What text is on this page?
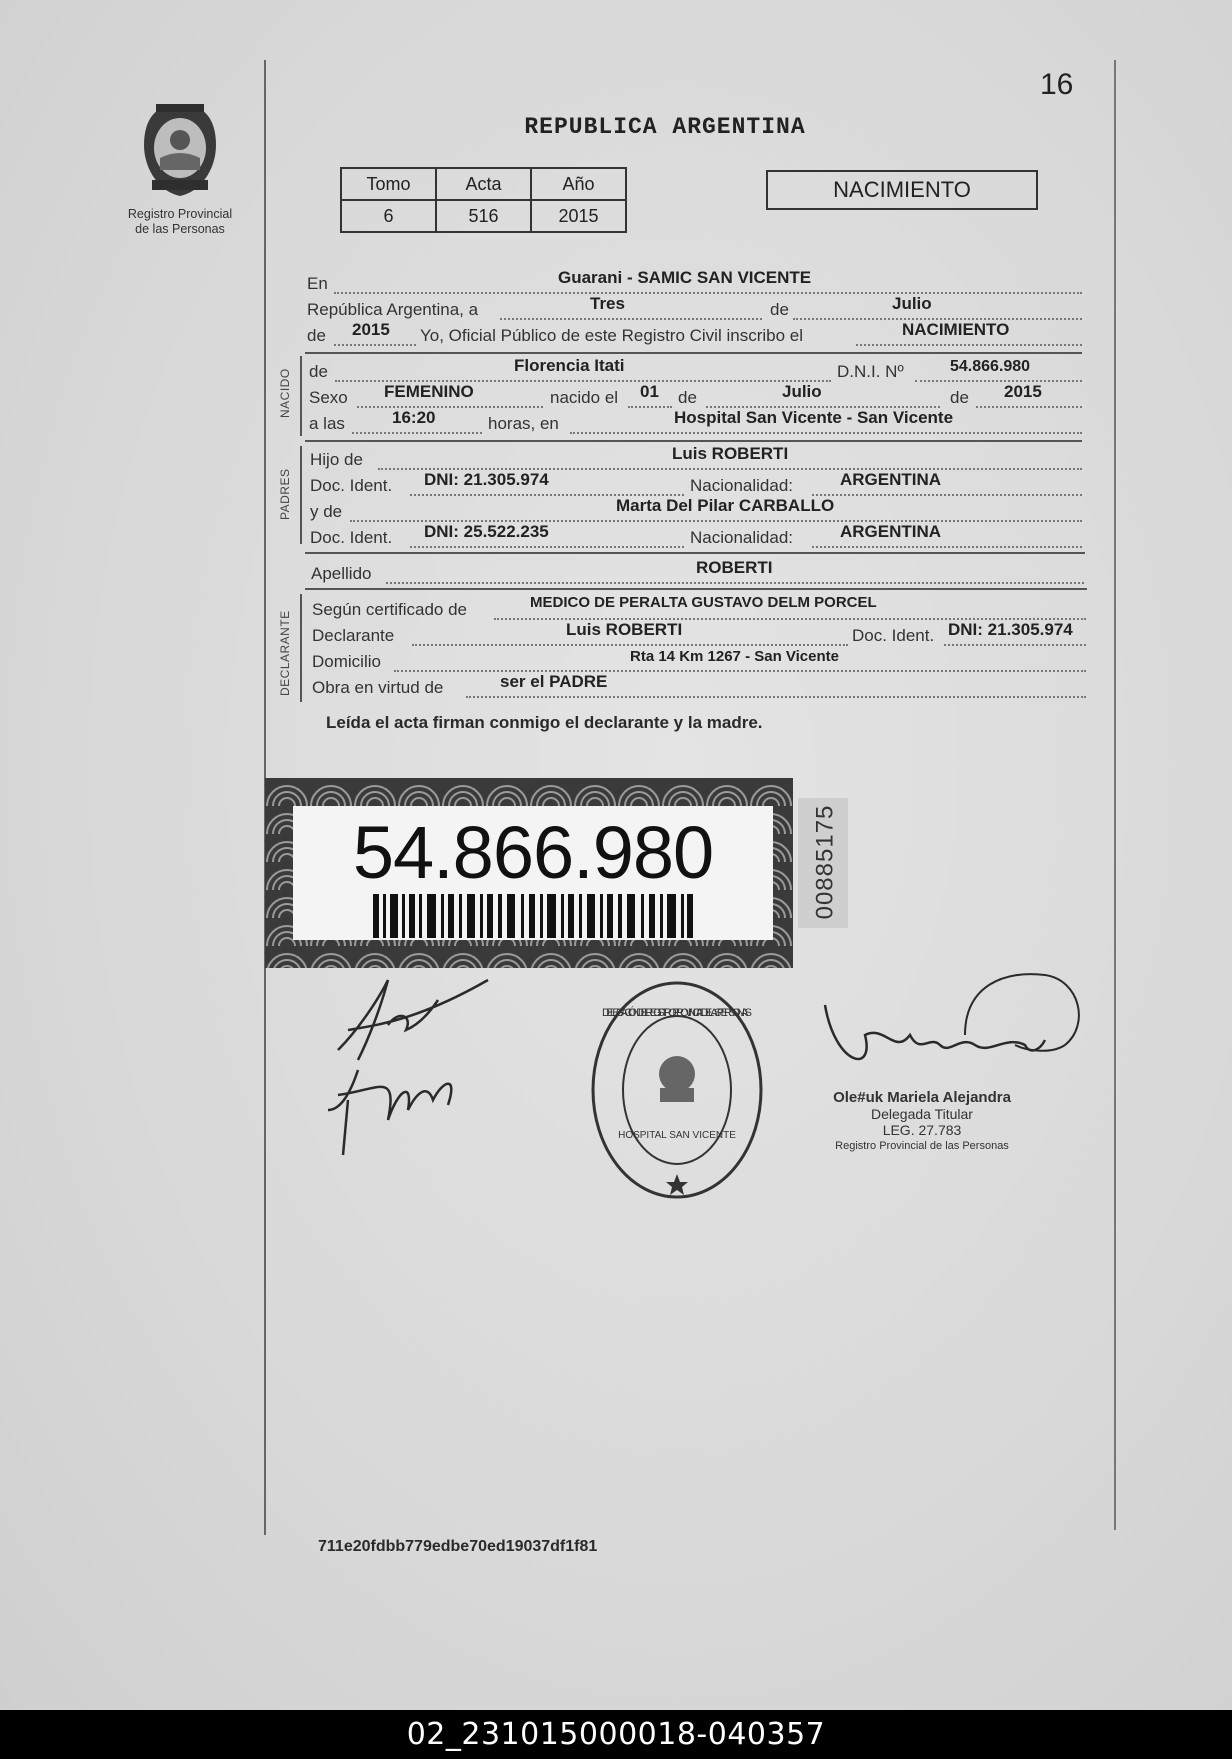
16
Registro Provincial
de las Personas
REPUBLICA ARGENTINA
Tomo	Acta	Año
6	516	2015
NACIMIENTO
En	Guarani - SAMIC SAN VICENTE
República Argentina, a	Tres	de	Julio
de 2015 Yo, Oficial Público de este Registro Civil inscribo el	NACIMIENTO
NACIDO de	Florencia Itati	D.N.I. Nº	54.866.980
Sexo FEMENINO	nacido el 01 de	Julio	de 2015
a las	16:20	horas, en	Hospital San Vicente - San Vicente
PADRES
Hijo de	Luis ROBERTI
Doc. Ident. DNI: 21.305.974	Nacionalidad:	ARGENTINA
y de	Marta Del Pilar CARBALLO
Doc. Ident. DNI: 25.522.235	Nacionalidad:	ARGENTINA
Apellido	ROBERTI
DECLARANTE
Según certificado de	MEDICO DE PERALTA GUSTAVO DELM PORCEL
Declarante	Luis ROBERTI	Doc. Ident. DNI: 21.305.974
Domicilio	Rta 14 Km 1267 - San Vicente
Obra en virtud de	ser el PADRE
Leída el acta firman conmigo el declarante y la madre.
54.866.980	00885175
DELEGACIÓN DEL REGISTRO PROVINCIAL DE LAS PERSONAS
HOSPITAL SAN VICENTE
Ole#uk Mariela Alejandra
Delegada Titular
LEG. 27.783
Registro Provincial de las Personas
711e20fdbb779edbe70ed19037df1f81
02_231015000018-040357
